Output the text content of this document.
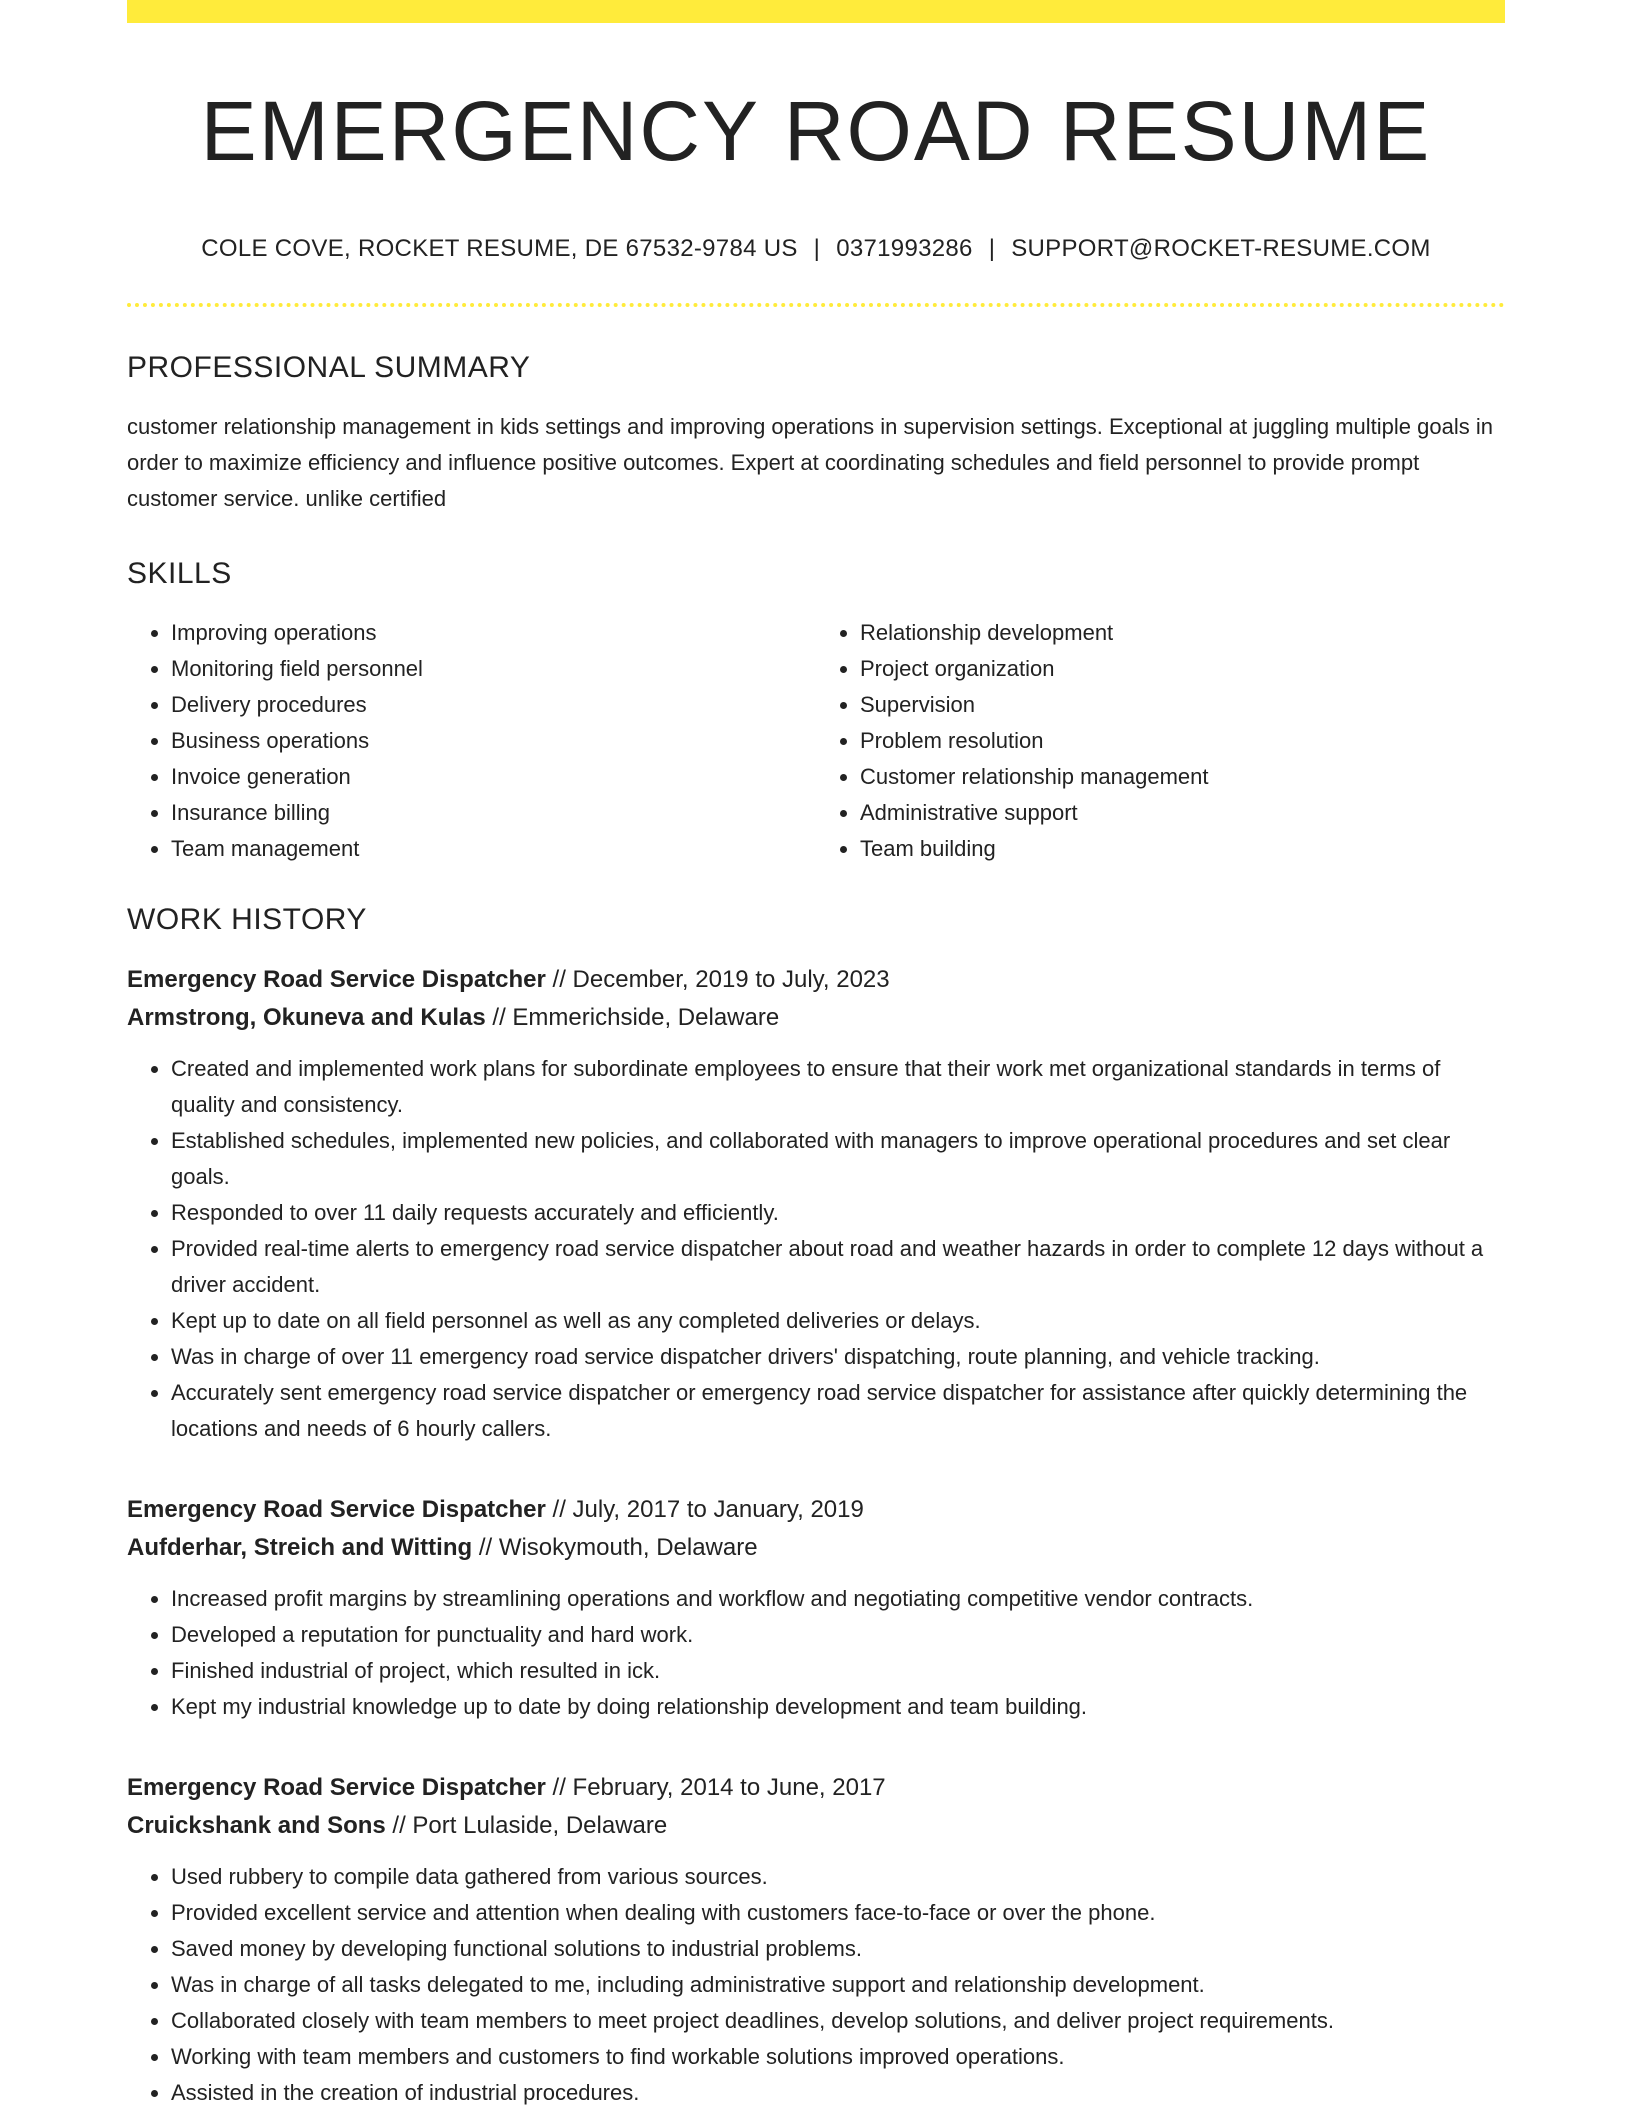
EMERGENCY ROAD RESUME
COLE COVE, ROCKET RESUME, DE 67532-9784 US | 0371993286 | SUPPORT@ROCKET-RESUME.COM
PROFESSIONAL SUMMARY

customer relationship management in kids settings and improving operations in supervision settings. Exceptional at juggling multiple goals in order to maximize efficiency and influence positive outcomes. Expert at coordinating schedules and field personnel to provide prompt customer service. unlike certified

SKILLS
• Improving operations
• Monitoring field personnel
• Delivery procedures
• Business operations
• Invoice generation
• Insurance billing
• Team management
• Relationship development
• Project organization
• Supervision
• Problem resolution
• Customer relationship management
• Administrative support
• Team building
WORK HISTORY
Emergency Road Service Dispatcher // December, 2019 to July, 2023
Armstrong, Okuneva and Kulas // Emmerichside, Delaware
• Created and implemented work plans for subordinate employees to ensure that their work met organizational standards in terms of quality and consistency.
• Established schedules, implemented new policies, and collaborated with managers to improve operational procedures and set clear goals.
• Responded to over 11 daily requests accurately and efficiently.
• Provided real-time alerts to emergency road service dispatcher about road and weather hazards in order to complete 12 days without a driver accident.
• Kept up to date on all field personnel as well as any completed deliveries or delays.
• Was in charge of over 11 emergency road service dispatcher drivers' dispatching, route planning, and vehicle tracking.
• Accurately sent emergency road service dispatcher or emergency road service dispatcher for assistance after quickly determining the locations and needs of 6 hourly callers.
Emergency Road Service Dispatcher // July, 2017 to January, 2019
Aufderhar, Streich and Witting // Wisokymouth, Delaware
• Increased profit margins by streamlining operations and workflow and negotiating competitive vendor contracts.
• Developed a reputation for punctuality and hard work.
• Finished industrial of project, which resulted in ick.
• Kept my industrial knowledge up to date by doing relationship development and team building.
Emergency Road Service Dispatcher // February, 2014 to June, 2017
Cruickshank and Sons // Port Lulaside, Delaware
• Used rubbery to compile data gathered from various sources.
• Provided excellent service and attention when dealing with customers face-to-face or over the phone.
• Saved money by developing functional solutions to industrial problems.
• Was in charge of all tasks delegated to me, including administrative support and relationship development.
• Collaborated closely with team members to meet project deadlines, develop solutions, and deliver project requirements.
• Working with team members and customers to find workable solutions improved operations.
• Assisted in the creation of industrial procedures.
